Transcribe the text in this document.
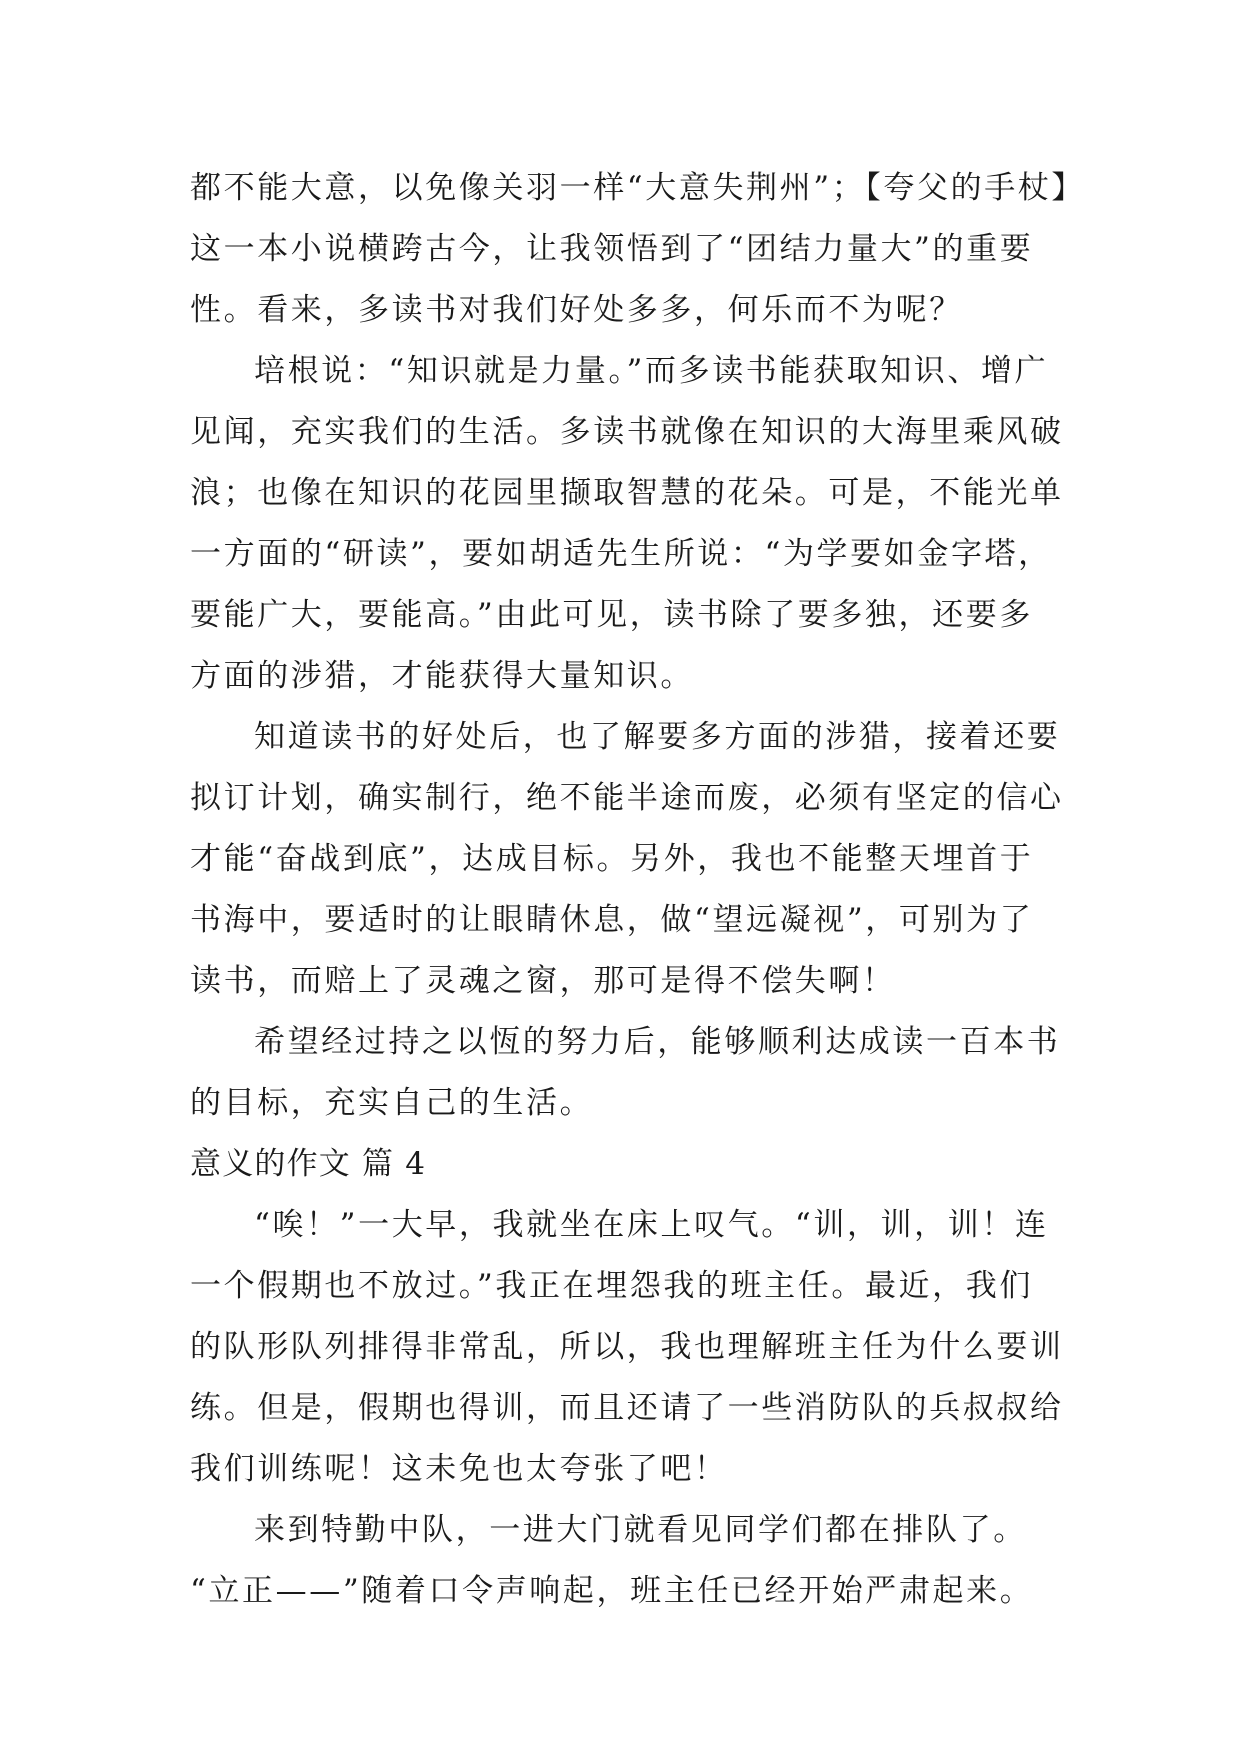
都不能大意，以免像关羽一样“大意失荆州”；【夸父的手杖】
这一本小说横跨古今，让我领悟到了“团结力量大”的重要
性。看来，多读书对我们好处多多，何乐而不为呢？
培根说：“知识就是力量。”而多读书能获取知识、增广
见闻，充实我们的生活。多读书就像在知识的大海里乘风破
浪；也像在知识的花园里撷取智慧的花朵。可是，不能光单
一方面的“研读”，要如胡适先生所说：“为学要如金字塔，
要能广大，要能高。”由此可见，读书除了要多独，还要多
方面的涉猎，才能获得大量知识。
知道读书的好处后，也了解要多方面的涉猎，接着还要
拟订计划，确实制行，绝不能半途而废，必须有坚定的信心
才能“奋战到底”，达成目标。另外，我也不能整天埋首于
书海中，要适时的让眼睛休息，做“望远凝视”，可别为了
读书，而赔上了灵魂之窗，那可是得不偿失啊！
希望经过持之以恆的努力后，能够顺利达成读一百本书
的目标，充实自己的生活。
意义的作文 篇 4
“唉！”一大早，我就坐在床上叹气。“训，训，训！连
一个假期也不放过。”我正在埋怨我的班主任。最近，我们
的队形队列排得非常乱，所以，我也理解班主任为什么要训
练。但是，假期也得训，而且还请了一些消防队的兵叔叔给
我们训练呢！这未免也太夸张了吧！
来到特勤中队，一进大门就看见同学们都在排队了。
“立正——”随着口令声响起，班主任已经开始严肃起来。
